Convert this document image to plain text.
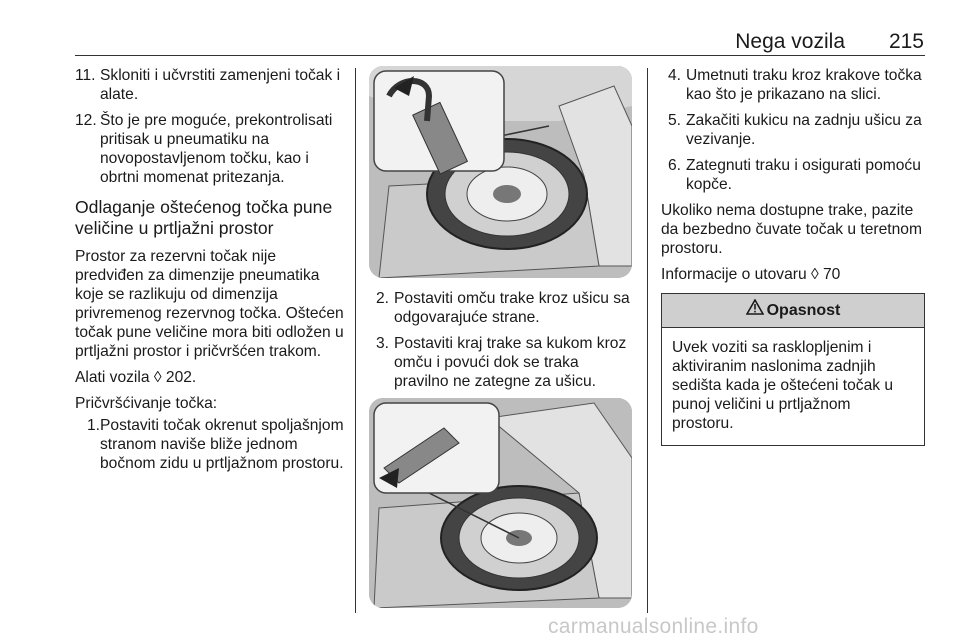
Nega vozila	215
11. Skloniti i učvrstiti zamenjeni točak i alate.
12. Što je pre moguće, prekontrolisati pritisak u pneumatiku na novopostavljenom točku, kao i obrtni momenat pritezanja.
Odlaganje oštećenog točka pune veličine u prtljažni prostor
Prostor za rezervni točak nije predviđen za dimenzije pneumatika koje se razlikuju od dimenzija privremenog rezervnog točka. Oštećen točak pune veličine mora biti odložen u prtljažni prostor i pričvršćen trakom.
Alati vozila ◊ 202.
Pričvršćivanje točka:
1. Postaviti točak okrenut spoljašnjom stranom naviše bliže jednom bočnom zidu u prtljažnom prostoru.
2. Postaviti omču trake kroz ušicu sa odgovarajuće strane.
3. Postaviti kraj trake sa kukom kroz omču i povući dok se traka pravilno ne zategne za ušicu.
4. Umetnuti traku kroz krakove točka kao što je prikazano na slici.
5. Zakačiti kukicu na zadnju ušicu za vezivanje.
6. Zategnuti traku i osigurati pomoću kopče.
Ukoliko nema dostupne trake, pazite da bezbedno čuvate točak u teretnom prostoru.
Informacije o utovaru ◊ 70
Opasnost
Uvek voziti sa rasklopljenim i aktiviranim naslonima zadnjih sedišta kada je oštećeni točak u punoj veličini u prtljažnom prostoru.
carmanualsonline.info
